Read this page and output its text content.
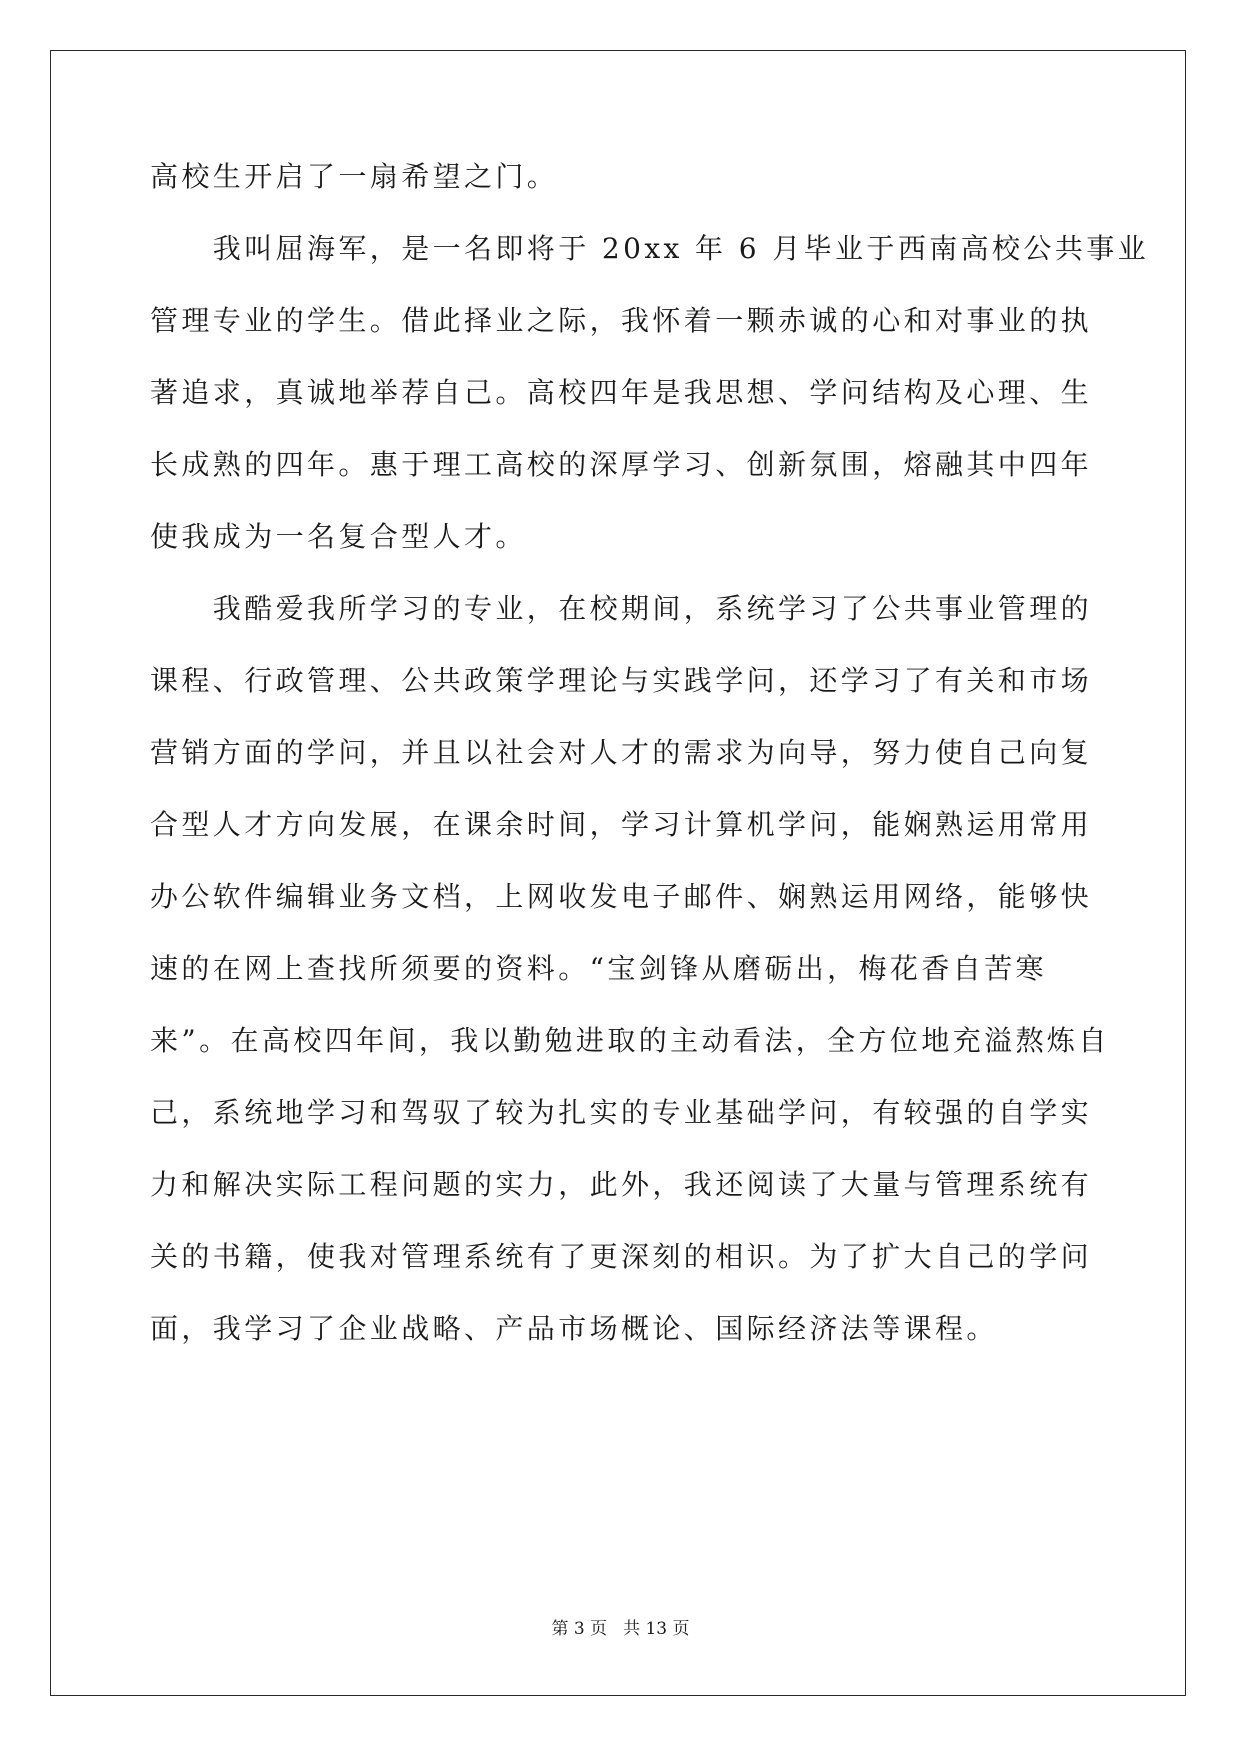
高校生开启了一扇希望之门。
　　我叫屈海军，是一名即将于 20xx 年 6 月毕业于西南高校公共事业
管理专业的学生。借此择业之际，我怀着一颗赤诚的心和对事业的执
著追求，真诚地举荐自己。高校四年是我思想、学问结构及心理、生
长成熟的四年。惠于理工高校的深厚学习、创新氛围，熔融其中四年
使我成为一名复合型人才。
　　我酷爱我所学习的专业，在校期间，系统学习了公共事业管理的
课程、行政管理、公共政策学理论与实践学问，还学习了有关和市场
营销方面的学问，并且以社会对人才的需求为向导，努力使自己向复
合型人才方向发展，在课余时间，学习计算机学问，能娴熟运用常用
办公软件编辑业务文档，上网收发电子邮件、娴熟运用网络，能够快
速的在网上查找所须要的资料。“宝剑锋从磨砺出，梅花香自苦寒
来”。在高校四年间，我以勤勉进取的主动看法，全方位地充溢熬炼自
己，系统地学习和驾驭了较为扎实的专业基础学问，有较强的自学实
力和解决实际工程问题的实力，此外，我还阅读了大量与管理系统有
关的书籍，使我对管理系统有了更深刻的相识。为了扩大自己的学问
面，我学习了企业战略、产品市场概论、国际经济法等课程。
第 3 页 共 13 页
